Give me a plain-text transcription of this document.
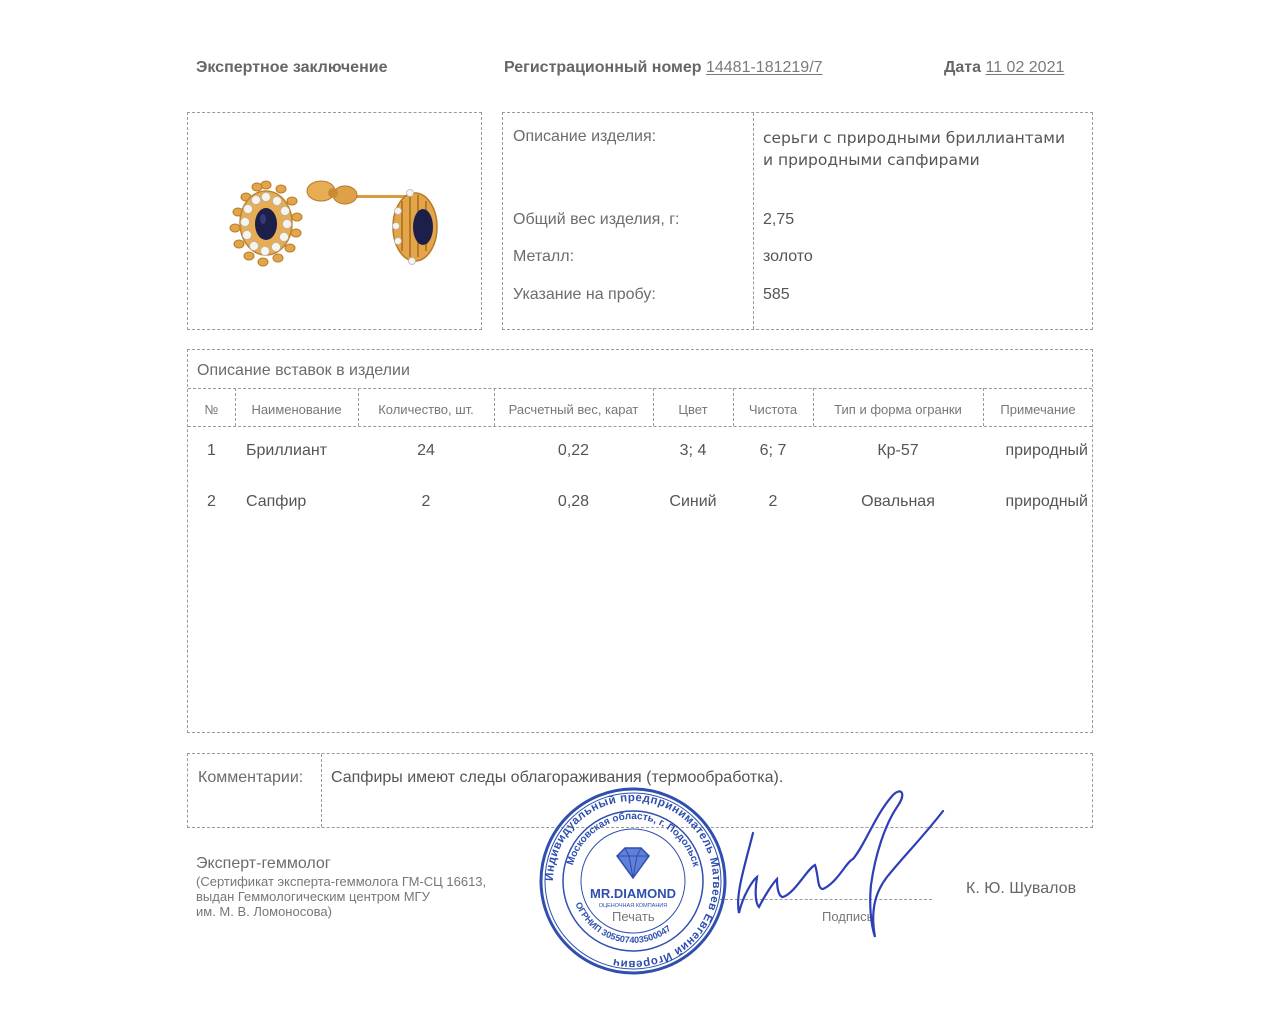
Экспертное заключение	Регистрационный номер 14481-181219/7	Дата 11 02 2021
Описание изделия:	серьги с природными бриллиантами
и природными сапфирами
Общий вес изделия, г:	2,75
Металл:	золото
Указание на пробу:	585
Описание вставок в изделии
№	Наименование	Количество, шт.	Расчетный вес, карат	Цвет	Чистота	Тип и форма огранки	Примечание
1	Бриллиант	24	0,22	3; 4	6; 7	Кр-57	природный
2	Сапфир	2	0,28	Синий	2	Овальная	природный
Комментарии: Сапфиры имеют следы облагораживания (термообработка).
Эксперт-геммолог
(Сертификат эксперта-геммолога ГМ-СЦ 16613,
выдан Геммологическим центром МГУ
им. М. В. Ломоносова)	Подпись
К. Ю. Шувалов
Индивидуальный предприниматель Матвеев Евгений Игоревич
Московская область, г. Подольск
ОГРНИП 305507403500047
MR.DIAMOND
ОЦЕНОЧНАЯ КОМПАНИЯ
Печать
